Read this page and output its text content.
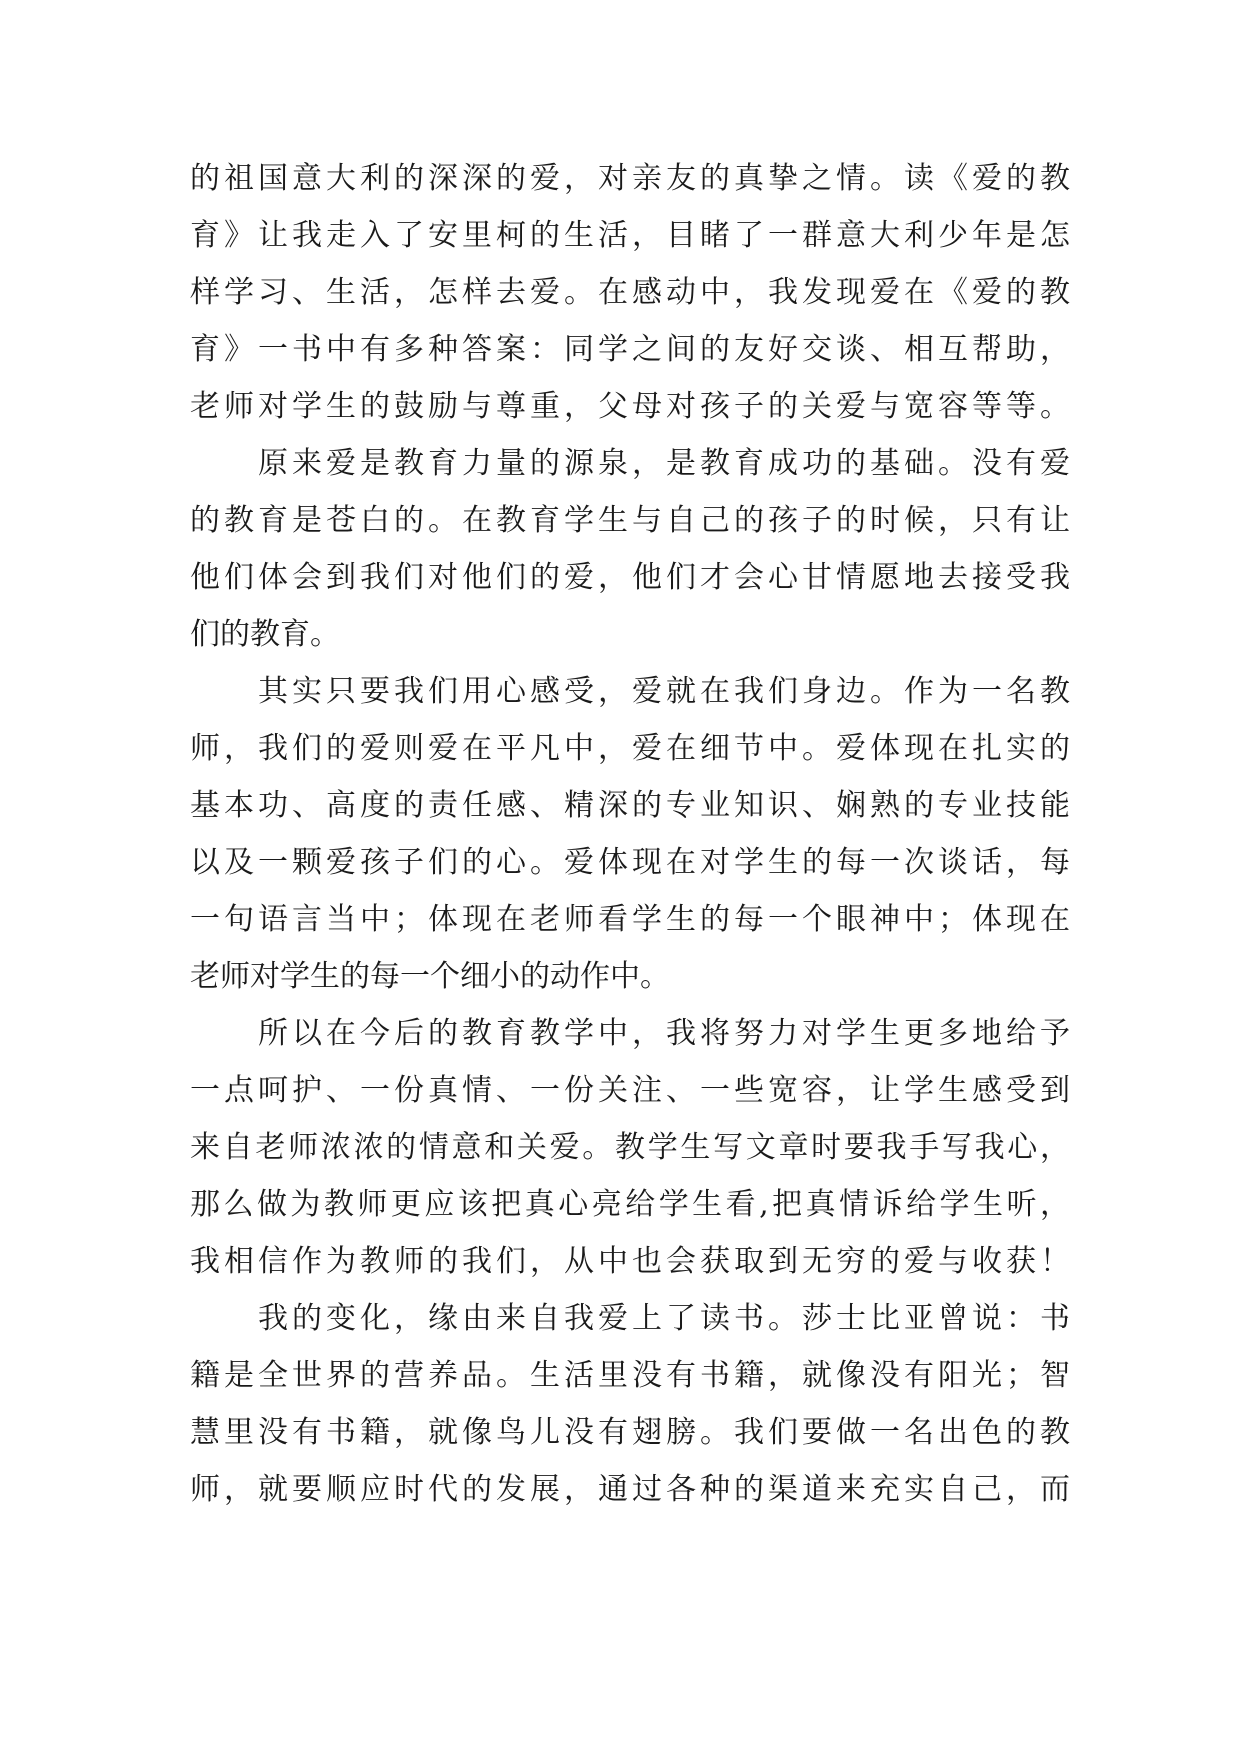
的祖国意大利的深深的爱，对亲友的真挚之情。读《爱的教
育》让我走入了安里柯的生活，目睹了一群意大利少年是怎
样学习、生活，怎样去爱。在感动中，我发现爱在《爱的教
育》一书中有多种答案：同学之间的友好交谈、相互帮助，
老师对学生的鼓励与尊重，父母对孩子的关爱与宽容等等。
原来爱是教育力量的源泉，是教育成功的基础。没有爱
的教育是苍白的。在教育学生与自己的孩子的时候，只有让
他们体会到我们对他们的爱，他们才会心甘情愿地去接受我
们的教育。
其实只要我们用心感受，爱就在我们身边。作为一名教
师，我们的爱则爱在平凡中，爱在细节中。爱体现在扎实的
基本功、高度的责任感、精深的专业知识、娴熟的专业技能
以及一颗爱孩子们的心。爱体现在对学生的每一次谈话，每
一句语言当中；体现在老师看学生的每一个眼神中；体现在
老师对学生的每一个细小的动作中。
所以在今后的教育教学中，我将努力对学生更多地给予
一点呵护、一份真情、一份关注、一些宽容，让学生感受到
来自老师浓浓的情意和关爱。教学生写文章时要我手写我心，
那么做为教师更应该把真心亮给学生看,把真情诉给学生听，
我相信作为教师的我们，从中也会获取到无穷的爱与收获！
我的变化，缘由来自我爱上了读书。莎士比亚曾说：书
籍是全世界的营养品。生活里没有书籍，就像没有阳光；智
慧里没有书籍，就像鸟儿没有翅膀。我们要做一名出色的教
师，就要顺应时代的发展，通过各种的渠道来充实自己，而
